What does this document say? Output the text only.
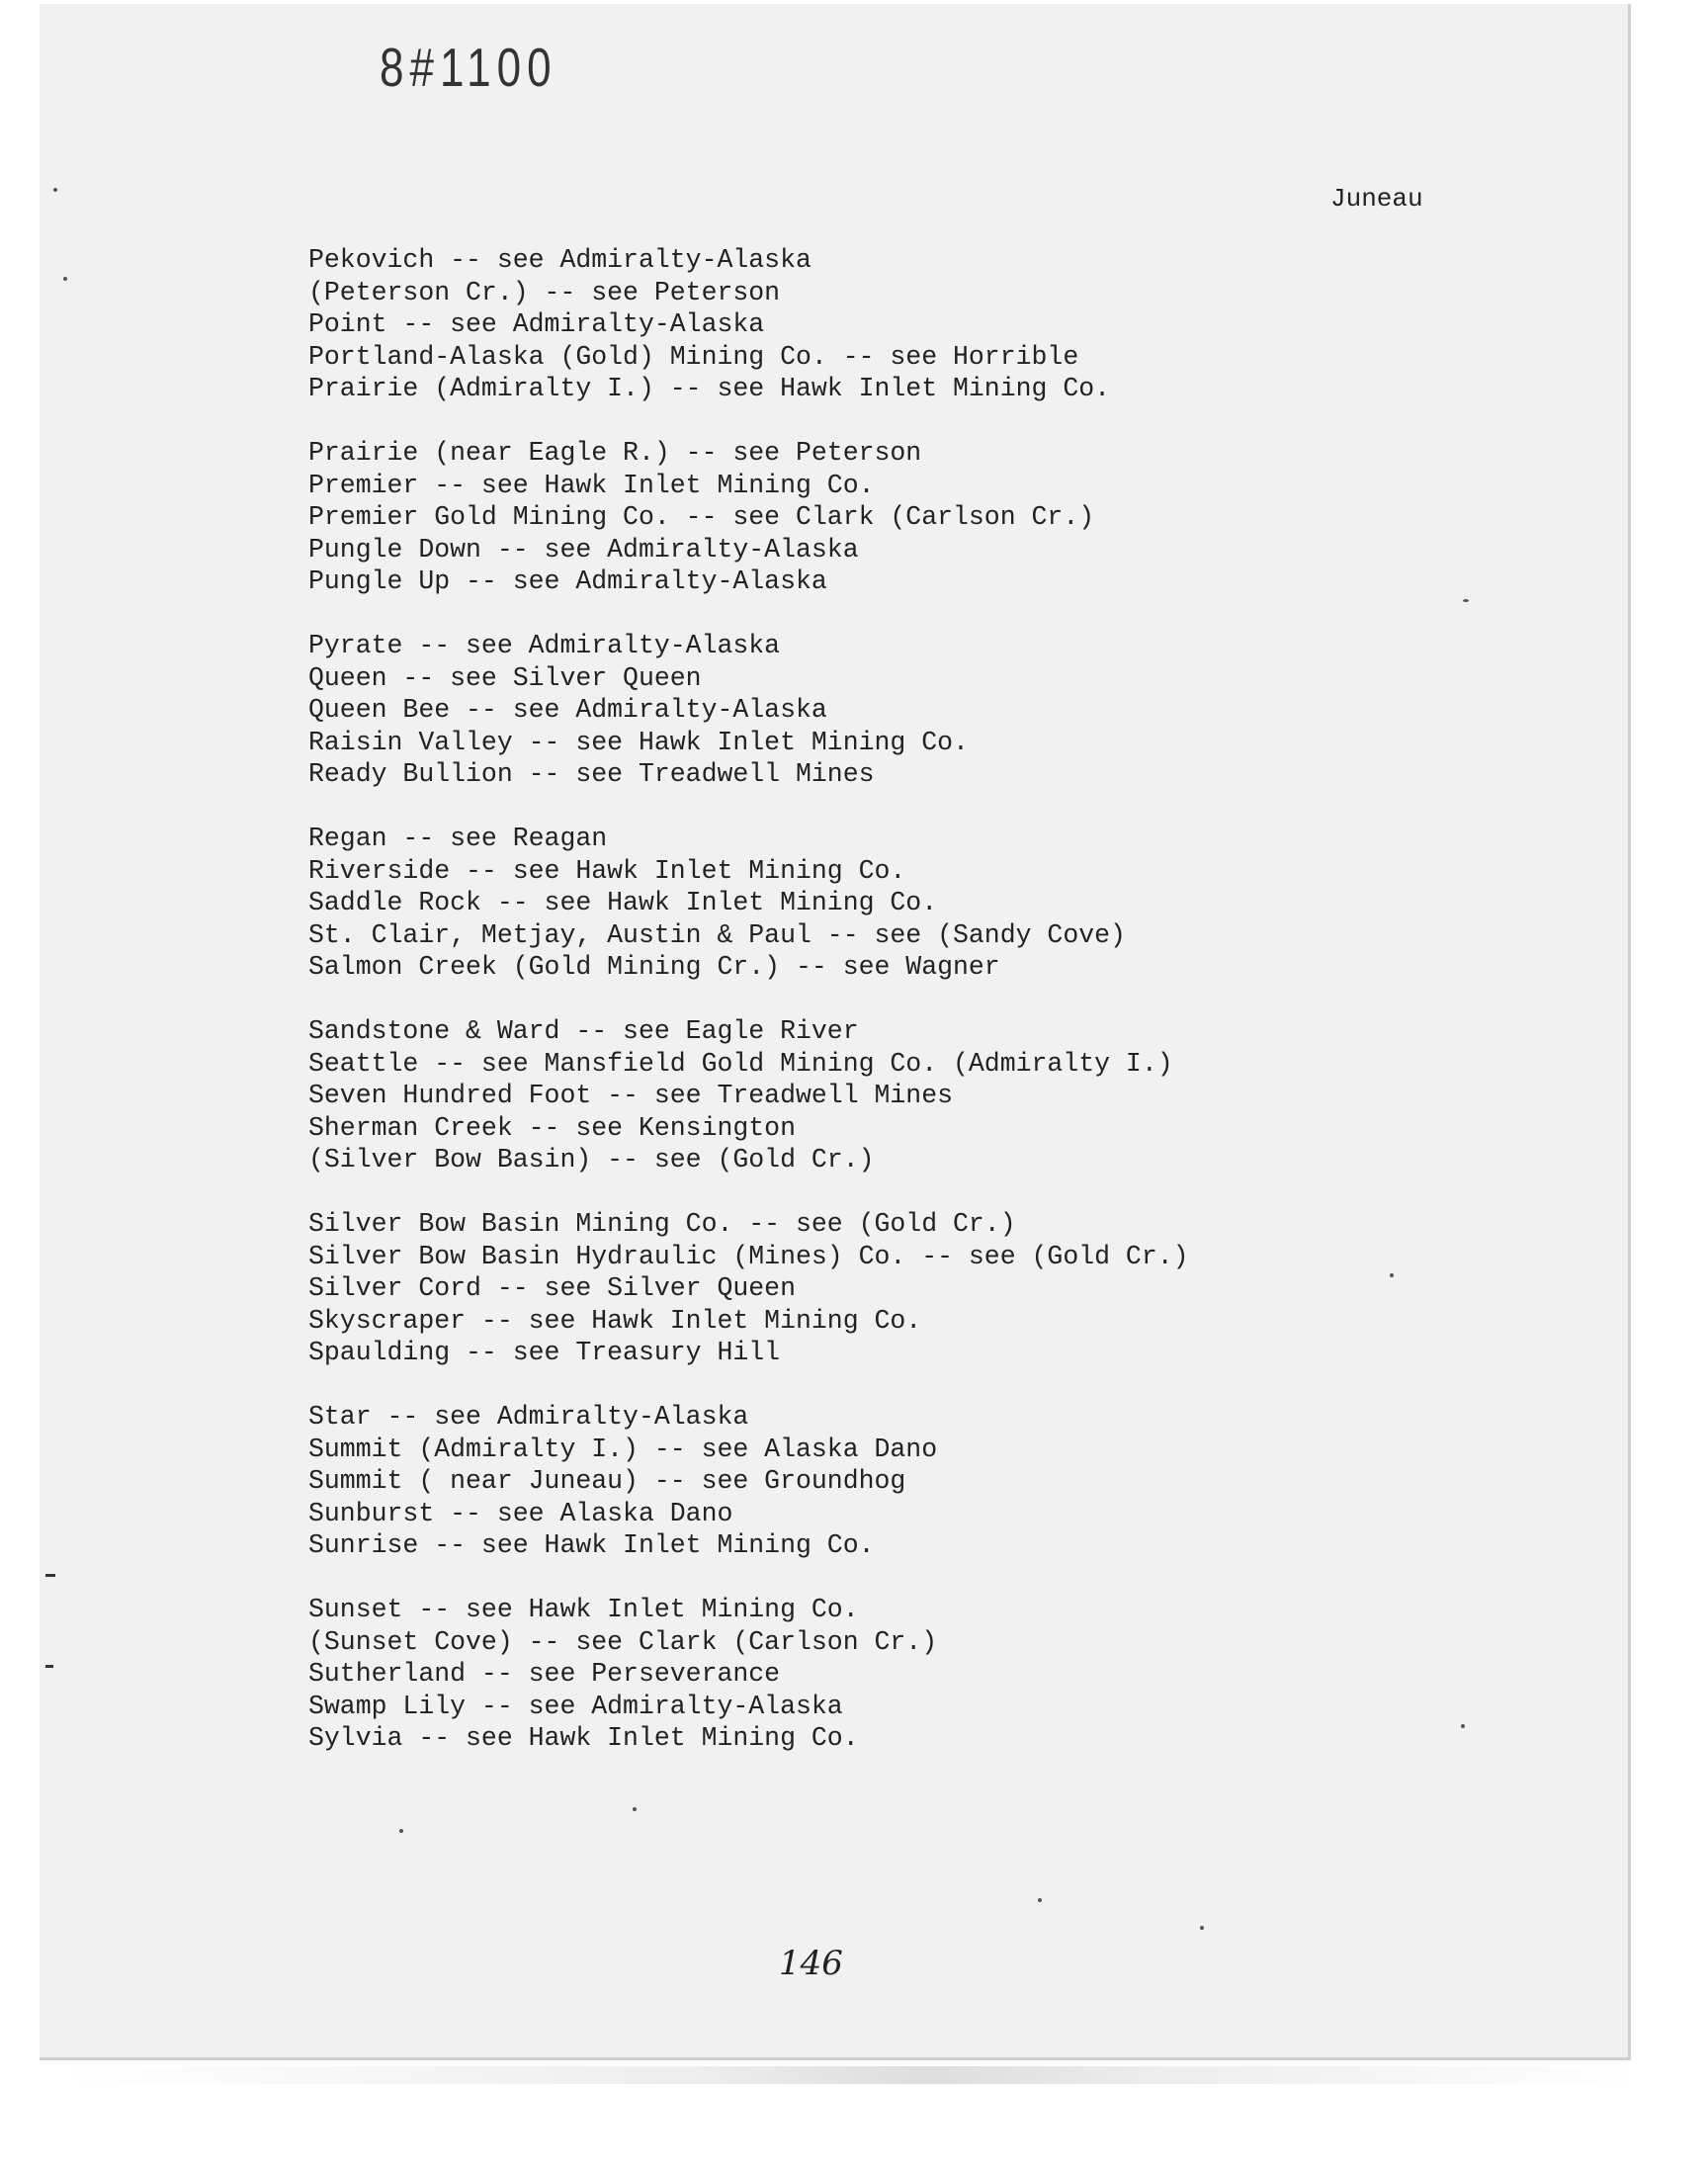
8#1100
Juneau
Pekovich -- see Admiralty-Alaska
(Peterson Cr.) -- see Peterson
Point -- see Admiralty-Alaska
Portland-Alaska (Gold) Mining Co. -- see Horrible
Prairie (Admiralty I.) -- see Hawk Inlet Mining Co.
Prairie (near Eagle R.) -- see Peterson
Premier -- see Hawk Inlet Mining Co.
Premier Gold Mining Co. -- see Clark (Carlson Cr.)
Pungle Down -- see Admiralty-Alaska
Pungle Up -- see Admiralty-Alaska
Pyrate -- see Admiralty-Alaska
Queen -- see Silver Queen
Queen Bee -- see Admiralty-Alaska
Raisin Valley -- see Hawk Inlet Mining Co.
Ready Bullion -- see Treadwell Mines
Regan -- see Reagan
Riverside -- see Hawk Inlet Mining Co.
Saddle Rock -- see Hawk Inlet Mining Co.
St. Clair, Metjay, Austin & Paul -- see (Sandy Cove)
Salmon Creek (Gold Mining Cr.) -- see Wagner
Sandstone & Ward -- see Eagle River
Seattle -- see Mansfield Gold Mining Co. (Admiralty I.)
Seven Hundred Foot -- see Treadwell Mines
Sherman Creek -- see Kensington
(Silver Bow Basin) -- see (Gold Cr.)
Silver Bow Basin Mining Co. -- see (Gold Cr.)
Silver Bow Basin Hydraulic (Mines) Co. -- see (Gold Cr.)
Silver Cord -- see Silver Queen
Skyscraper -- see Hawk Inlet Mining Co.
Spaulding -- see Treasury Hill
Star -- see Admiralty-Alaska
Summit (Admiralty I.) -- see Alaska Dano
Summit ( near Juneau) -- see Groundhog
Sunburst -- see Alaska Dano
Sunrise -- see Hawk Inlet Mining Co.
Sunset -- see Hawk Inlet Mining Co.
(Sunset Cove) -- see Clark (Carlson Cr.)
Sutherland -- see Perseverance
Swamp Lily -- see Admiralty-Alaska
Sylvia -- see Hawk Inlet Mining Co.
146
